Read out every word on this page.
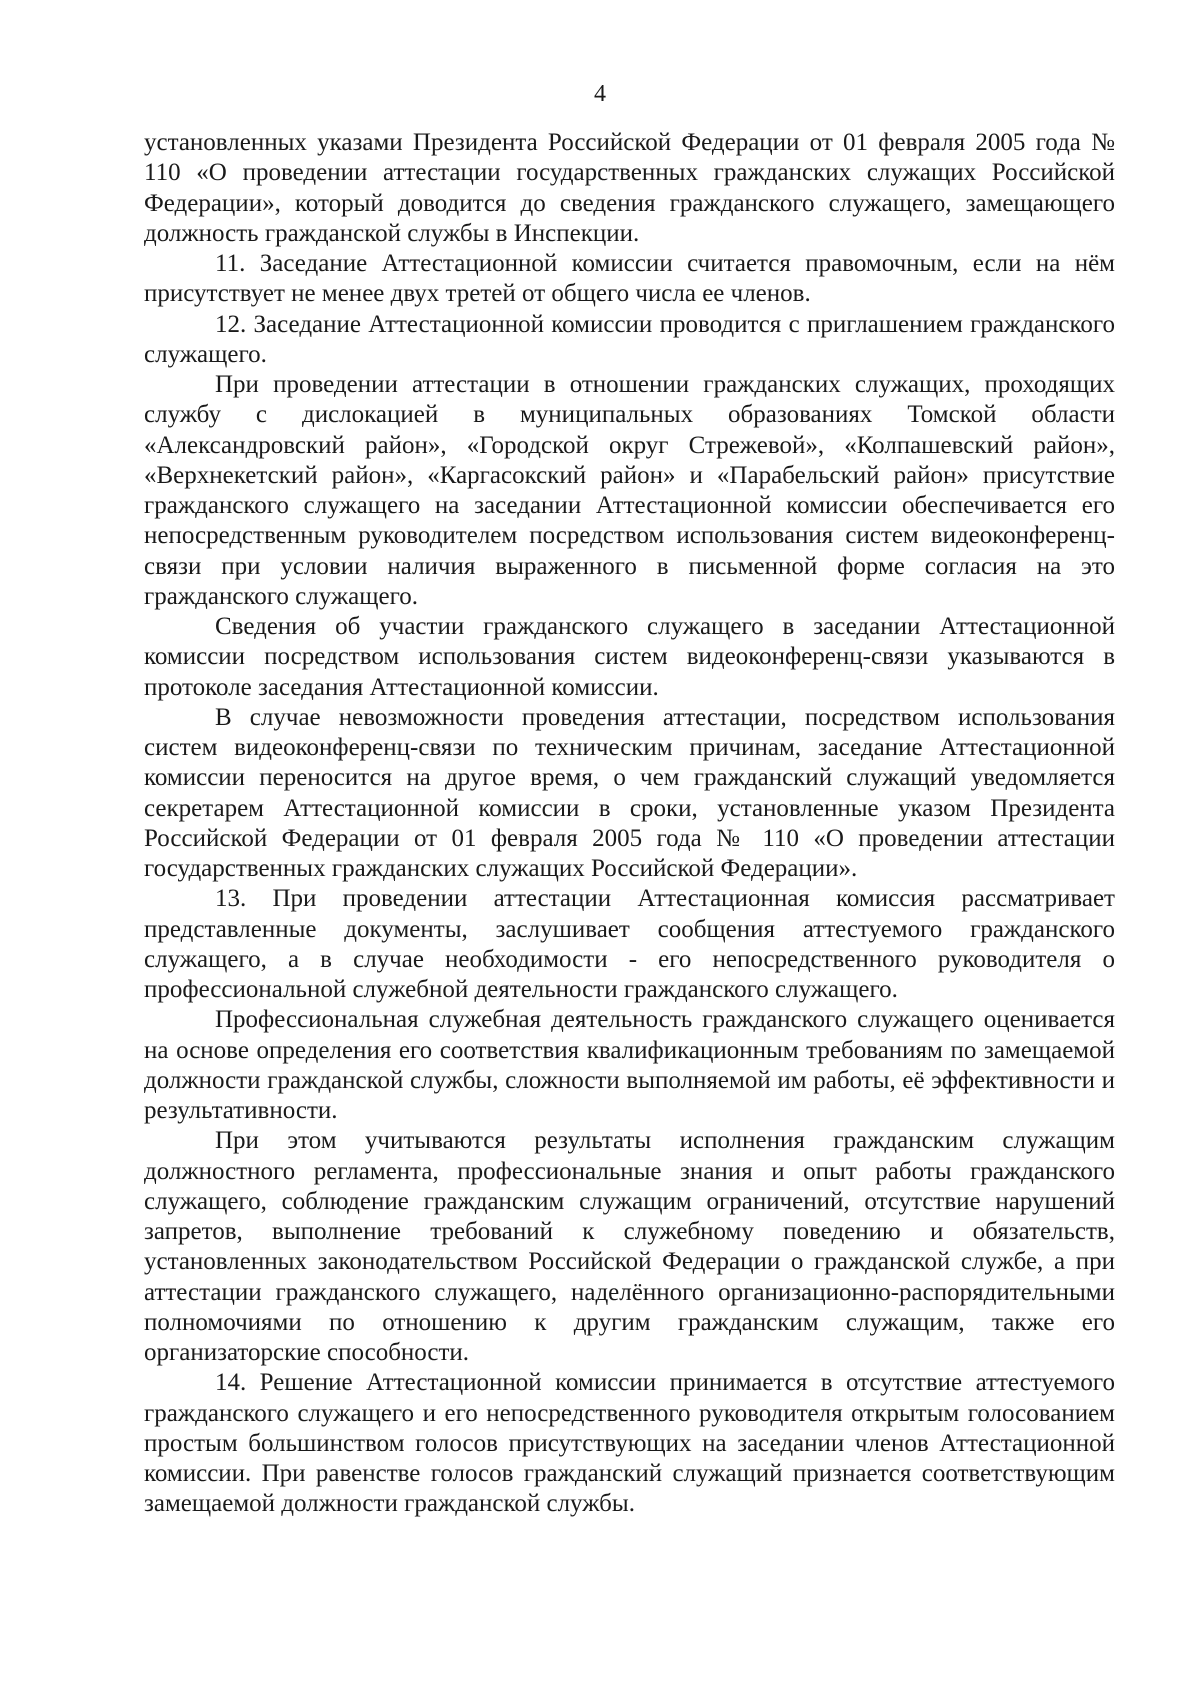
4

установленных указами Президента Российской Федерации от 01 февраля 2005 года № 110 «О проведении аттестации государственных гражданских служащих Российской Федерации», который доводится до сведения гражданского служащего, замещающего должность гражданской службы в Инспекции.

11. Заседание Аттестационной комиссии считается правомочным, если на нём присутствует не менее двух третей от общего числа ее членов.

12. Заседание Аттестационной комиссии проводится с приглашением гражданского служащего.

При проведении аттестации в отношении гражданских служащих, проходящих службу с дислокацией в муниципальных образованиях Томской области «Александровский район», «Городской округ Стрежевой», «Колпашевский район», «Верхнекетский район», «Каргасокский район» и «Парабельский район» присутствие гражданского служащего на заседании Аттестационной комиссии обеспечивается его непосредственным руководителем посредством использования систем видеоконференц-связи при условии наличия выраженного в письменной форме согласия на это гражданского служащего.

Сведения об участии гражданского служащего в заседании Аттестационной комиссии посредством использования систем видеоконференц-связи указываются в протоколе заседания Аттестационной комиссии.

В случае невозможности проведения аттестации, посредством использования систем видеоконференц-связи по техническим причинам, заседание Аттестационной комиссии переносится на другое время, о чем гражданский служащий уведомляется секретарем Аттестационной комиссии в сроки, установленные указом Президента Российской Федерации от 01 февраля 2005 года № 110 «О проведении аттестации государственных гражданских служащих Российской Федерации».

13. При проведении аттестации Аттестационная комиссия рассматривает представленные документы, заслушивает сообщения аттестуемого гражданского служащего, а в случае необходимости - его непосредственного руководителя о профессиональной служебной деятельности гражданского служащего.

Профессиональная служебная деятельность гражданского служащего оценивается на основе определения его соответствия квалификационным требованиям по замещаемой должности гражданской службы, сложности выполняемой им работы, её эффективности и результативности.

При этом учитываются результаты исполнения гражданским служащим должностного регламента, профессиональные знания и опыт работы гражданского служащего, соблюдение гражданским служащим ограничений, отсутствие нарушений запретов, выполнение требований к служебному поведению и обязательств, установленных законодательством Российской Федерации о гражданской службе, а при аттестации гражданского служащего, наделённого организационно-распорядительными полномочиями по отношению к другим гражданским служащим, также его организаторские способности.

14. Решение Аттестационной комиссии принимается в отсутствие аттестуемого гражданского служащего и его непосредственного руководителя открытым голосованием простым большинством голосов присутствующих на заседании членов Аттестационной комиссии. При равенстве голосов гражданский служащий признается соответствующим замещаемой должности гражданской службы.
